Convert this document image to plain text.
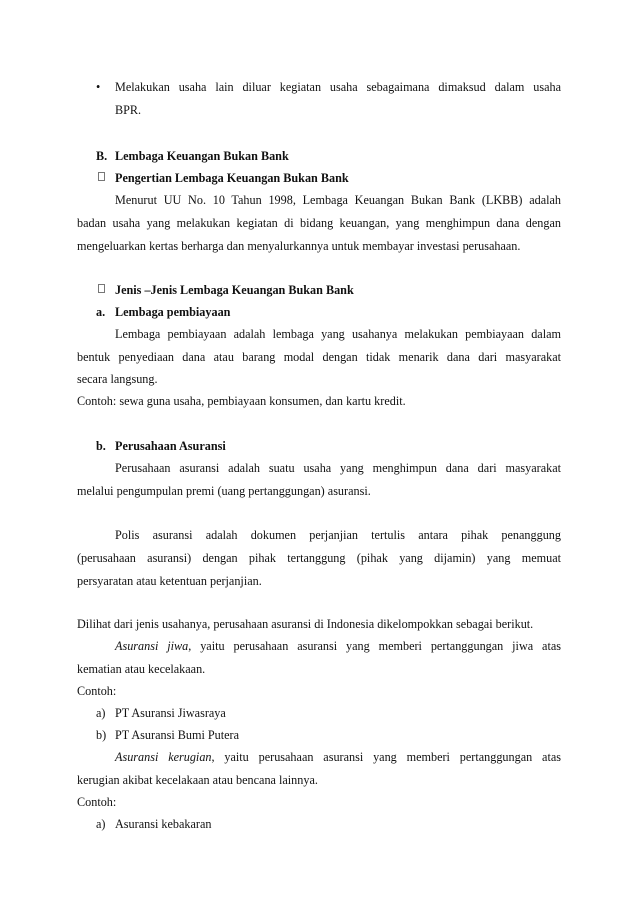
• Melakukan usaha lain diluar kegiatan usaha sebagaimana dimaksud dalam usaha
BPR.
B. Lembaga Keuangan Bukan Bank
Pengertian Lembaga Keuangan Bukan Bank
Menurut UU No. 10 Tahun 1998, Lembaga Keuangan Bukan Bank (LKBB) adalah
badan usaha yang melakukan kegiatan di bidang keuangan, yang menghimpun dana dengan
mengeluarkan kertas berharga dan menyalurkannya untuk membayar investasi perusahaan.
Jenis –Jenis Lembaga Keuangan Bukan Bank
a. Lembaga pembiayaan
Lembaga pembiayaan adalah lembaga yang usahanya melakukan pembiayaan dalam
bentuk penyediaan dana atau barang modal dengan tidak menarik dana dari masyarakat
secara langsung.
Contoh: sewa guna usaha, pembiayaan konsumen, dan kartu kredit.
b. Perusahaan Asuransi
Perusahaan asuransi adalah suatu usaha yang menghimpun dana dari masyarakat
melalui pengumpulan premi (uang pertanggungan) asuransi.
Polis asuransi adalah dokumen perjanjian tertulis antara pihak penanggung
(perusahaan asuransi) dengan pihak tertanggung (pihak yang dijamin) yang memuat
persyaratan atau ketentuan perjanjian.
Dilihat dari jenis usahanya, perusahaan asuransi di Indonesia dikelompokkan sebagai berikut.
Asuransi jiwa, yaitu perusahaan asuransi yang memberi pertanggungan jiwa atas
kematian atau kecelakaan.
Contoh:
a) PT Asuransi Jiwasraya
b) PT Asuransi Bumi Putera
Asuransi kerugian, yaitu perusahaan asuransi yang memberi pertanggungan atas
kerugian akibat kecelakaan atau bencana lainnya.
Contoh:
a) Asuransi kebakaran
